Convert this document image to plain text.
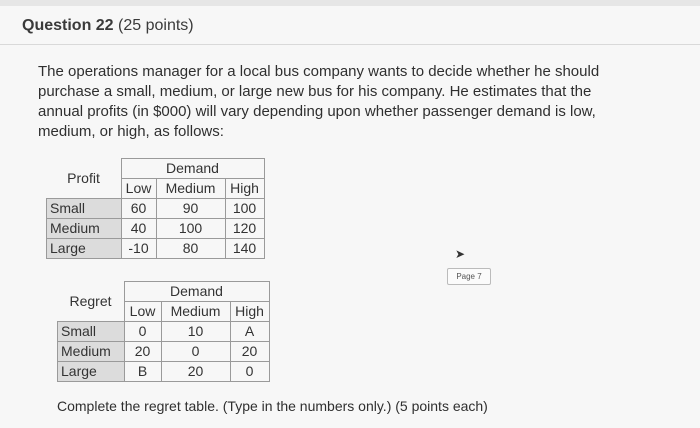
Question 22 (25 points)
The operations manager for a local bus company wants to decide whether he should purchase a small, medium, or large new bus for his company. He estimates that the annual profits (in $000) will vary depending upon whether passenger demand is low, medium, or high, as follows:
Profit	Demand		
	Low	Medium	High
Small	60	90	100
Medium	40	100	120
Large	-10	80	140	➤
Page 7
Regret	Demand		
	Low	Medium	High
Small	0	10	A
Medium	20	0	20
Large	B	20	0
Complete the regret table. (Type in the numbers only.) (5 points each)
